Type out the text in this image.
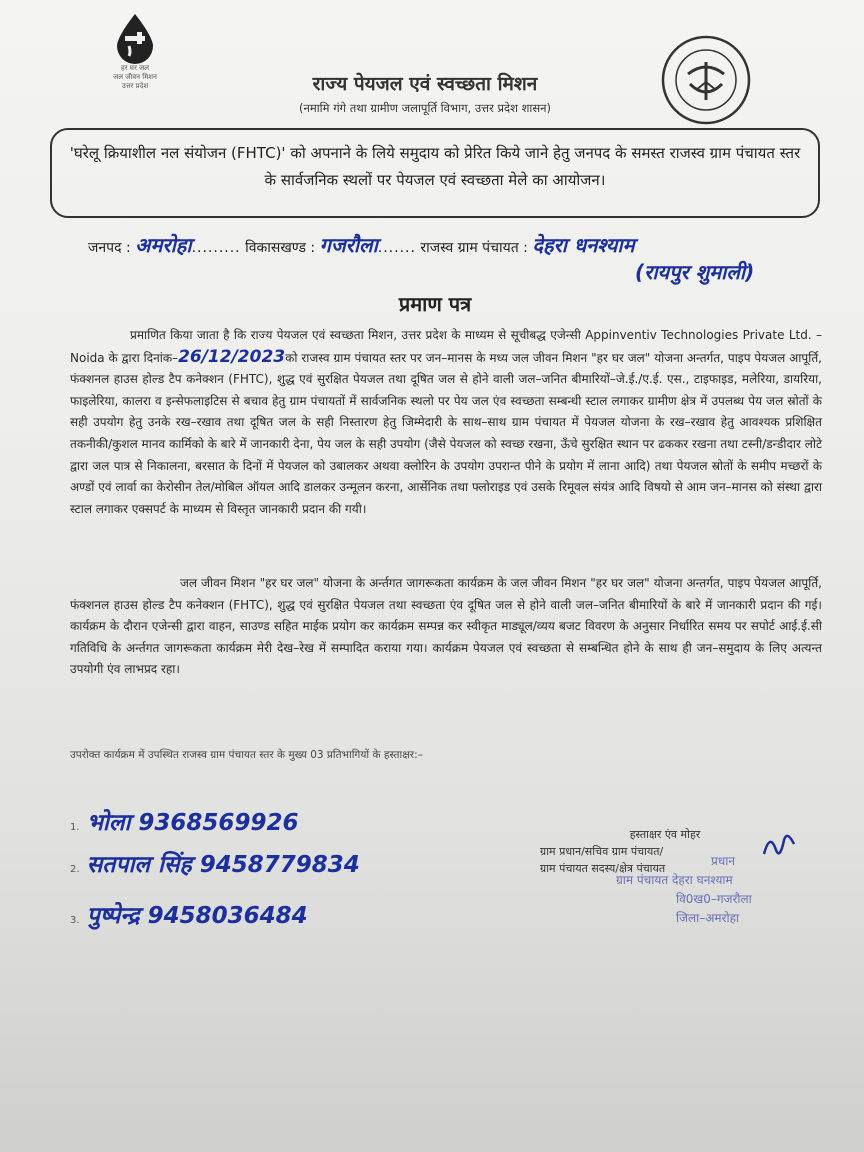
हर घर जल
जल जीवन मिशन
उत्तर प्रदेश	राज्य पेयजल एवं स्वच्छता मिशन
(नमामि गंगे तथा ग्रामीण जलापूर्ति विभाग, उत्तर प्रदेश शासन)
'घरेलू क्रियाशील नल संयोजन (FHTC)' को अपनाने के लिये समुदाय को प्रेरित किये जाने हेतु जनपद के समस्त राजस्व ग्राम पंचायत स्तर के सार्वजनिक स्थलों पर पेयजल एवं स्वच्छता मेले का आयोजन।
जनपद : अमरोहा......... विकासखण्ड : गजरौला....... राजस्व ग्राम पंचायत : देहरा धनश्याम
(रायपुर शुमाली)
प्रमाण पत्र
प्रमाणित किया जाता है कि राज्य पेयजल एवं स्वच्छता मिशन, उत्तर प्रदेश के माध्यम से सूचीबद्ध एजेन्सी Appinventiv Technologies Private Ltd. – Noida के द्वारा दिनांक–26/12/2023को राजस्व ग्राम पंचायत स्तर पर जन–मानस के मध्य जल जीवन मिशन "हर घर जल" योजना अन्तर्गत, पाइप पेयजल आपूर्ति, फंक्शनल हाउस होल्ड टैप कनेक्शन (FHTC), शुद्ध एवं सुरक्षित पेयजल तथा दूषित जल से होने वाली जल–जनित बीमारियों–जे.ई./ए.ई. एस., टाइफाइड, मलेरिया, डायरिया, फाइलेरिया, कालरा व इन्सेफलाइटिस से बचाव हेतु ग्राम पंचायतों में सार्वजनिक स्थलो पर पेय जल एंव स्वच्छता सम्बन्धी स्टाल लगाकर ग्रामीण क्षेत्र में उपलब्ध पेय जल स्रोतों के सही उपयोग हेतु उनके रख–रखाव तथा दूषित जल के सही निस्तारण हेतु जिम्मेदारी के साथ–साथ ग्राम पंचायत में पेयजल योजना के रख–रखाव हेतु आवश्यक प्रशिक्षित तकनीकी/कुशल मानव कार्मिको के बारे में जानकारी देना, पेय जल के सही उपयोग (जैसे पेयजल को स्वच्छ रखना, ऊँचे सुरक्षित स्थान पर ढककर रखना तथा टस्नी/डन्डीदार लोटे द्वारा जल पात्र से निकालना, बरसात के दिनों में पेयजल को उबालकर अथवा क्लोरिन के उपयोग उपरान्त पीने के प्रयोग में लाना आदि) तथा पेयजल स्रोतों के समीप मच्छरों के अण्डों एवं लार्वा का केरोसीन तेल/मोबिल ऑयल आदि डालकर उन्मूलन करना, आर्सेनिक तथा फ्लोराइड एवं उसके रिमूवल संयंत्र आदि विषयो से आम जन–मानस को संस्था द्वारा स्टाल लगाकर एक्सपर्ट के माध्यम से विस्तृत जानकारी प्रदान की गयी।
जल जीवन मिशन "हर घर जल" योजना के अर्न्तगत जागरूकता कार्यक्रम के जल जीवन मिशन "हर घर जल" योजना अन्तर्गत, पाइप पेयजल आपूर्ति, फंक्शनल हाउस होल्ड टैप कनेक्शन (FHTC), शुद्ध एवं सुरक्षित पेयजल तथा स्वच्छता एंव दूषित जल से होने वाली जल–जनित बीमारियों के बारे में जानकारी प्रदान की गई। कार्यक्रम के दौरान एजेन्सी द्वारा वाहन, साउण्ड सहित माईक प्रयोग कर कार्यक्रम सम्पन्न कर स्वीकृत माड्यूल/व्यय बजट विवरण के अनुसार निर्धारित समय पर सपोर्ट आई.ई.सी गतिविधि के अर्न्तगत जागरूकता कार्यक्रम मेरी देख–रेख में सम्पादित कराया गया। कार्यक्रम पेयजल एवं स्वच्छता से सम्बन्धित होने के साथ ही जन–समुदाय के लिए अत्यन्त उपयोगी एंव लाभप्रद रहा।
उपरोक्त कार्यक्रम में उपस्थित राजस्व ग्राम पंचायत स्तर के मुख्य 03 प्रतिभागियों के हस्ताक्षर:–
1. भोला 9368569926
2. सतपाल सिंह 9458779834
3. पुष्पेन्द्र 9458036484
हस्ताक्षर एंव मोहर
ग्राम प्रधान/सचिव ग्राम पंचायत/
ग्राम पंचायत सदस्य/क्षेत्र पंचायत
प्रधान
ग्राम पंचायत देहरा घनश्याम
वि0ख0–गजरौला
जिला–अमरोहा
